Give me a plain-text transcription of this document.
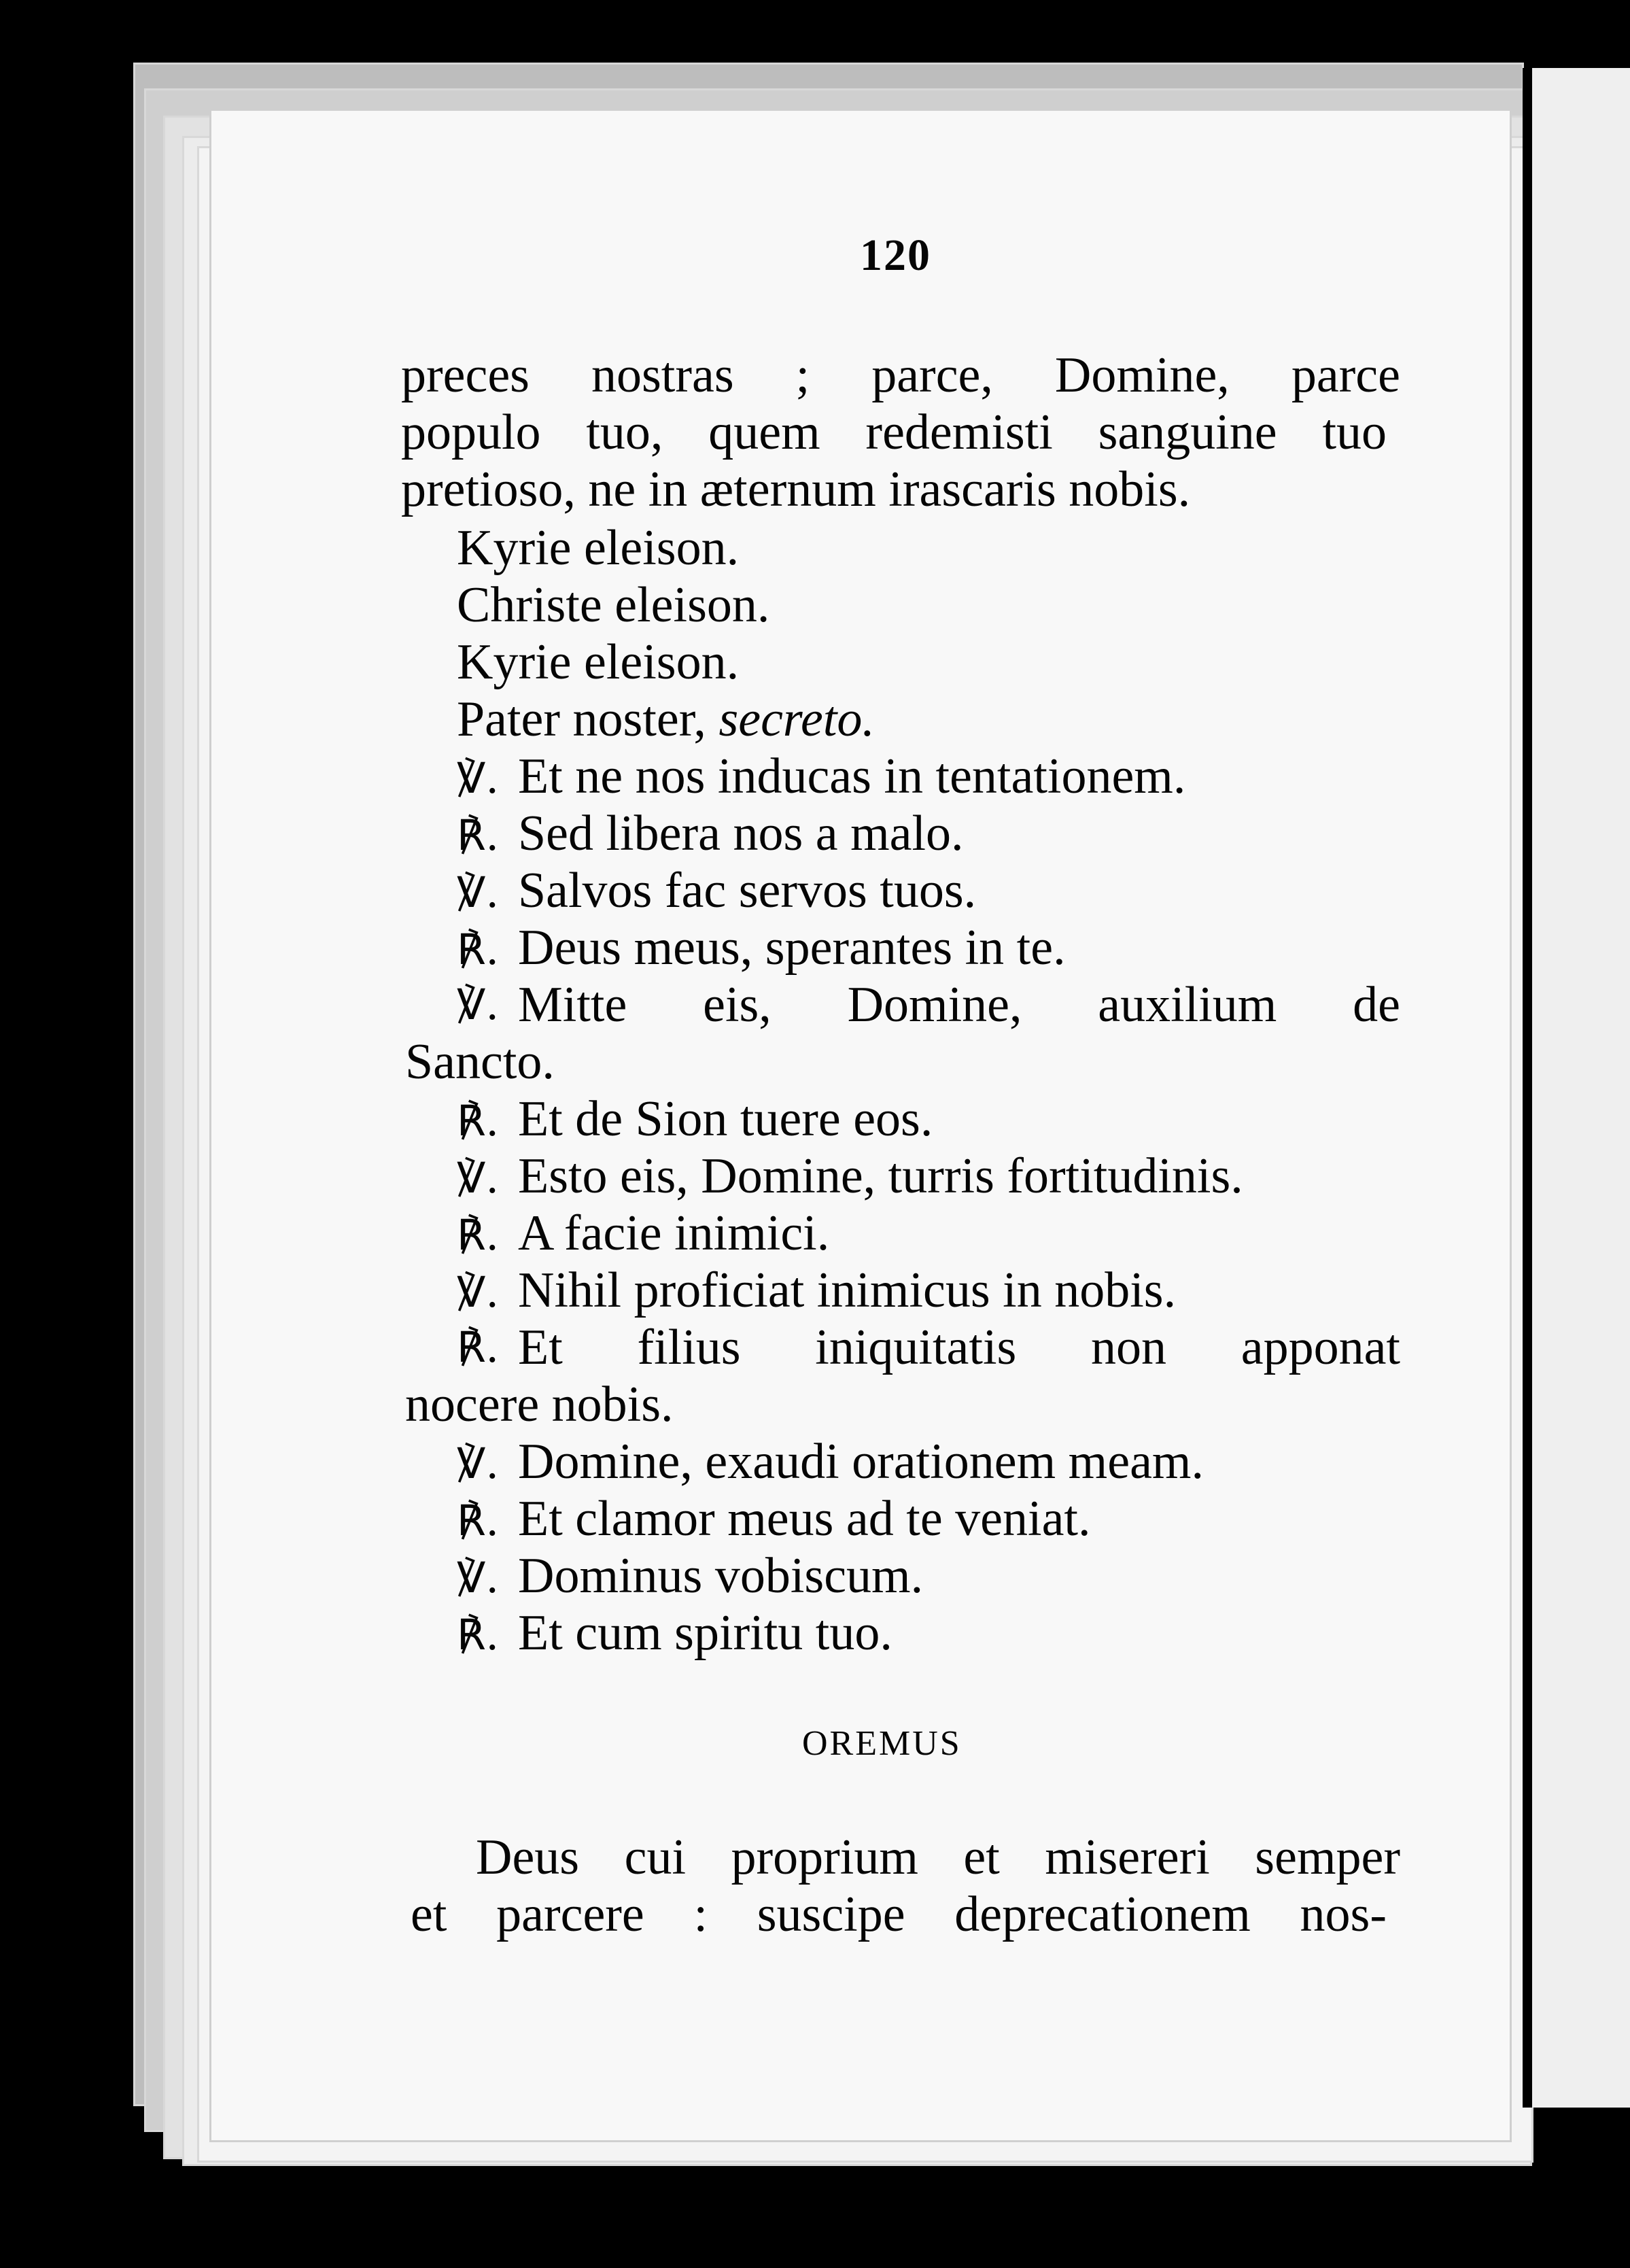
120
preces nostras ; parce, Domine, parce
populo tuo, quem redemisti sanguine tuo
pretioso, ne in æternum irascaris nobis.
Kyrie eleison.
Christe eleison.
Kyrie eleison.
Pater noster, secreto.
℣. Et ne nos inducas in tentationem.
℟. Sed libera nos a malo.
℣. Salvos fac servos tuos.
℟. Deus meus, sperantes in te.
℣. Mitte eis, Domine, auxilium de
Sancto.
℟. Et de Sion tuere eos.
℣. Esto eis, Domine, turris fortitudinis.
℟. A facie inimici.
℣. Nihil proficiat inimicus in nobis.
℟. Et filius iniquitatis non apponat
nocere nobis.
℣. Domine, exaudi orationem meam.
℟. Et clamor meus ad te veniat.
℣. Dominus vobiscum.
℟. Et cum spiritu tuo.
OREMUS
Deus cui proprium et misereri semper
et parcere : suscipe deprecationem nos-
